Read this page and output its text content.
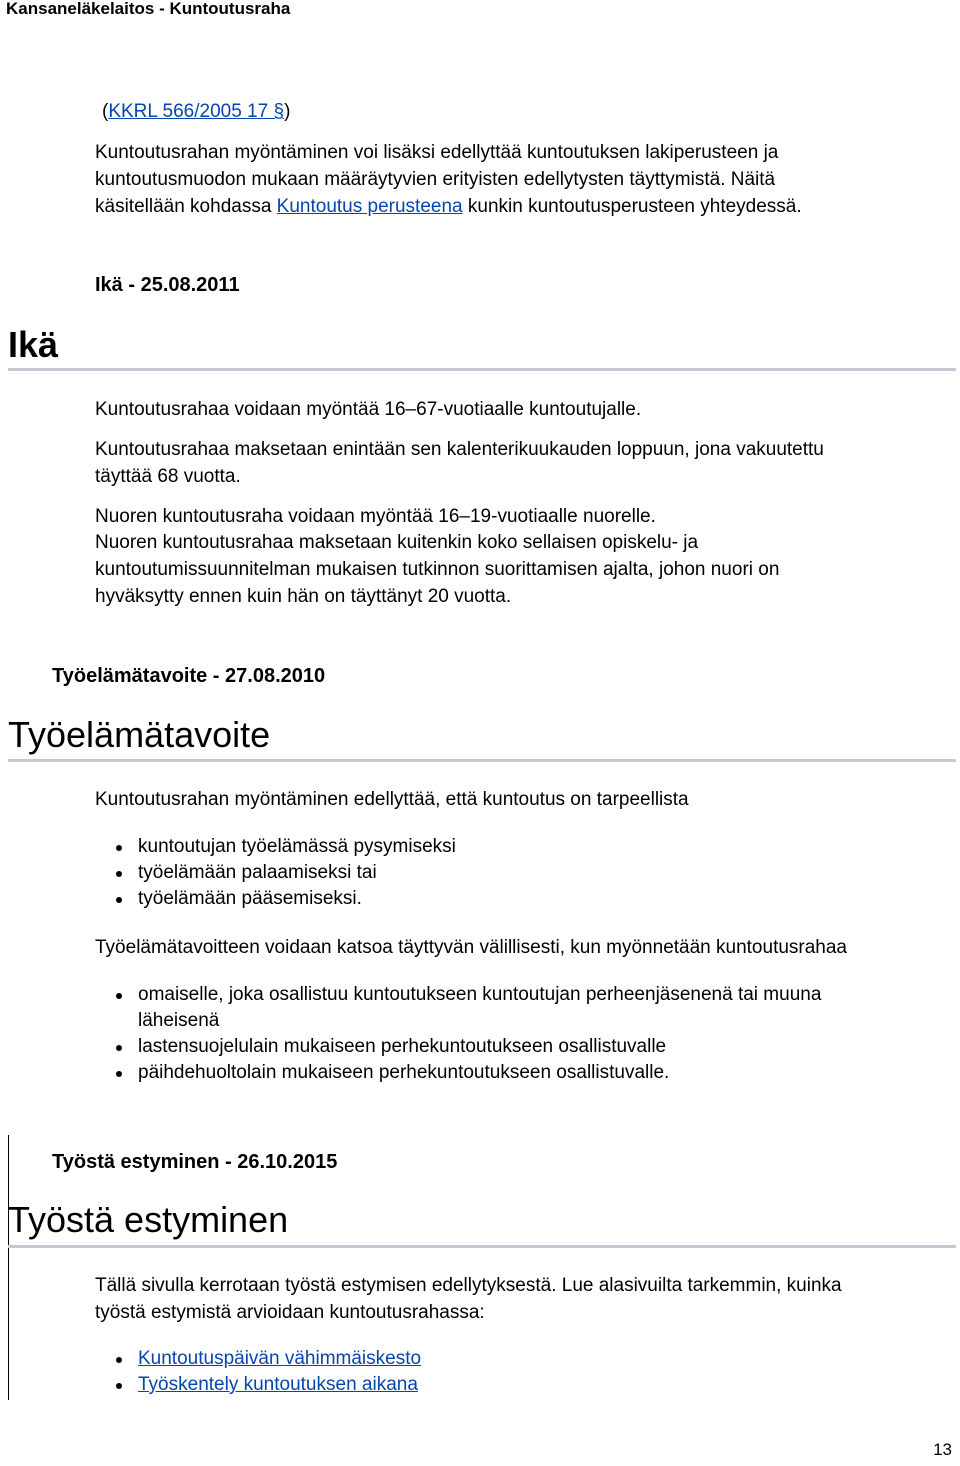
Kansaneläkelaitos - Kuntoutusraha
(KKRL 566/2005 17 §)
Kuntoutusrahan myöntäminen voi lisäksi edellyttää kuntoutuksen lakiperusteen ja
kuntoutusmuodon mukaan määräytyvien erityisten edellytysten täyttymistä. Näitä
käsitellään kohdassa Kuntoutus perusteena kunkin kuntoutusperusteen yhteydessä.
Ikä - 25.08.2011
Ikä
Kuntoutusrahaa voidaan myöntää 16–67-vuotiaalle kuntoutujalle.
Kuntoutusrahaa maksetaan enintään sen kalenterikuukauden loppuun, jona vakuutettu
täyttää 68 vuotta.
Nuoren kuntoutusraha voidaan myöntää 16–19-vuotiaalle nuorelle.
Nuoren kuntoutusrahaa maksetaan kuitenkin koko sellaisen opiskelu- ja
kuntoutumissuunnitelman mukaisen tutkinnon suorittamisen ajalta, johon nuori on
hyväksytty ennen kuin hän on täyttänyt 20 vuotta.
Työelämätavoite - 27.08.2010
Työelämätavoite
Kuntoutusrahan myöntäminen edellyttää, että kuntoutus on tarpeellista
kuntoutujan työelämässä pysymiseksi
työelämään palaamiseksi tai
työelämään pääsemiseksi.
Työelämätavoitteen voidaan katsoa täyttyvän välillisesti, kun myönnetään kuntoutusrahaa
omaiselle, joka osallistuu kuntoutukseen kuntoutujan perheenjäsenenä tai muuna
läheisenä
lastensuojelulain mukaiseen perhekuntoutukseen osallistuvalle
päihdehuoltolain mukaiseen perhekuntoutukseen osallistuvalle.
Työstä estyminen - 26.10.2015
Työstä estyminen
Tällä sivulla kerrotaan työstä estymisen edellytyksestä. Lue alasivuilta tarkemmin, kuinka
työstä estymistä arvioidaan kuntoutusrahassa:
Kuntoutuspäivän vähimmäiskesto
Työskentely kuntoutuksen aikana
13
